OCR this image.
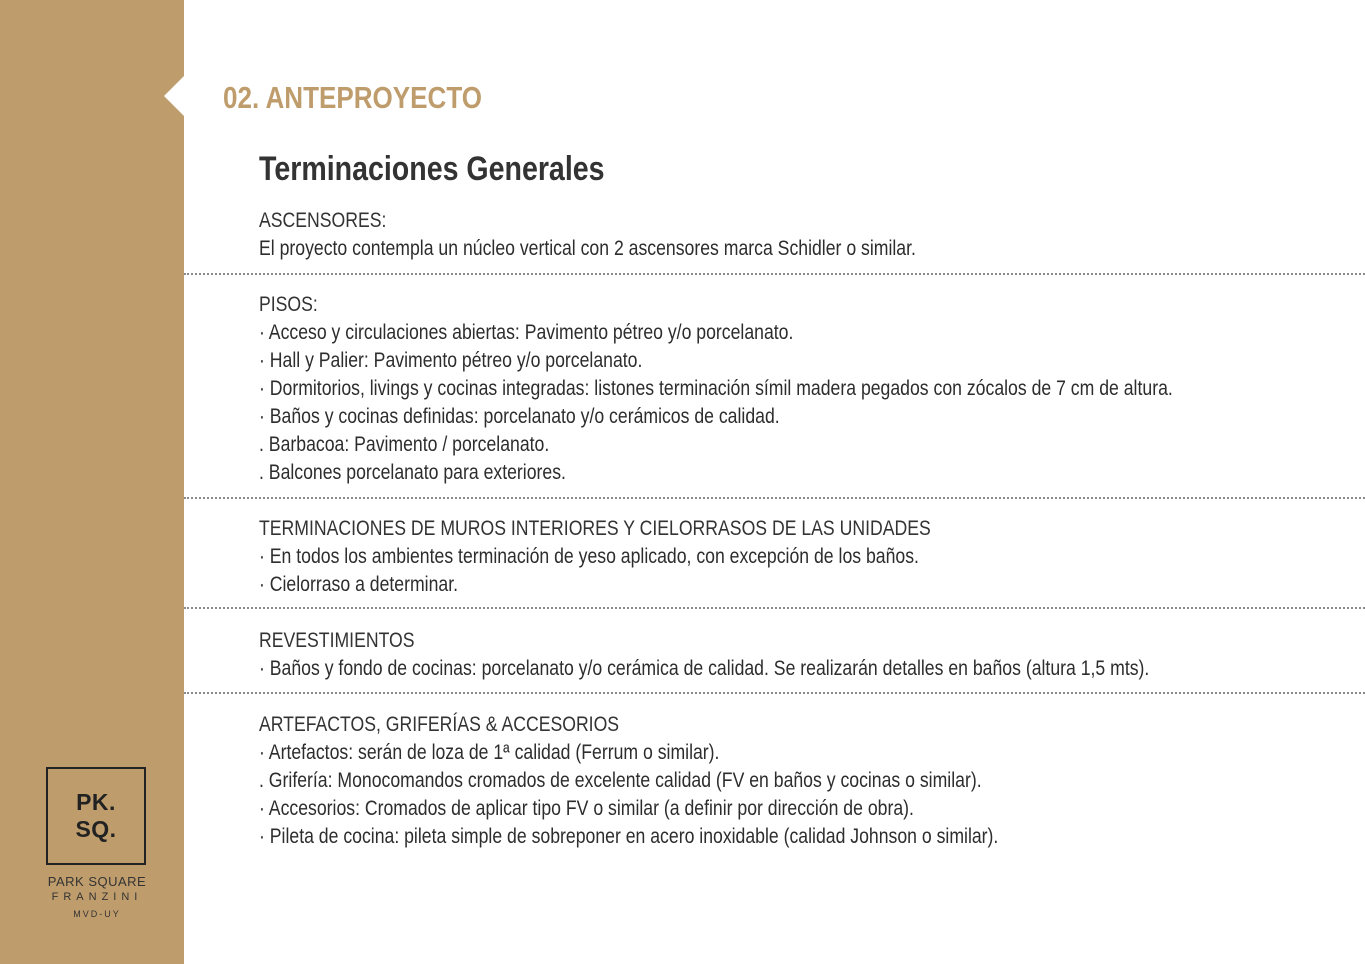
PK.
SQ.
PARK SQUARE
FRANZINI
MVD-UY
02. ANTEPROYECTO
Terminaciones Generales
ASCENSORES:
El proyecto contempla un núcleo vertical con 2 ascensores marca Schidler o similar.
PISOS:
· Acceso y circulaciones abiertas: Pavimento pétreo y/o porcelanato.
· Hall y Palier: Pavimento pétreo y/o porcelanato.
· Dormitorios, livings y cocinas integradas: listones terminación símil madera pegados con zócalos de 7 cm de altura.
· Baños y cocinas definidas: porcelanato y/o cerámicos de calidad.
. Barbacoa: Pavimento / porcelanato.
. Balcones porcelanato para exteriores.
TERMINACIONES DE MUROS INTERIORES Y CIELORRASOS DE LAS UNIDADES
· En todos los ambientes terminación de yeso aplicado, con excepción de los baños.
· Cielorraso a determinar.
REVESTIMIENTOS
· Baños y fondo de cocinas: porcelanato y/o cerámica de calidad. Se realizarán detalles en baños (altura 1,5 mts).
ARTEFACTOS, GRIFERÍAS & ACCESORIOS
· Artefactos: serán de loza de 1ª calidad (Ferrum o similar).
. Grifería: Monocomandos cromados de excelente calidad (FV en baños y cocinas o similar).
· Accesorios: Cromados de aplicar tipo FV o similar (a definir por dirección de obra).
· Pileta de cocina: pileta simple de sobreponer en acero inoxidable (calidad Johnson o similar).
